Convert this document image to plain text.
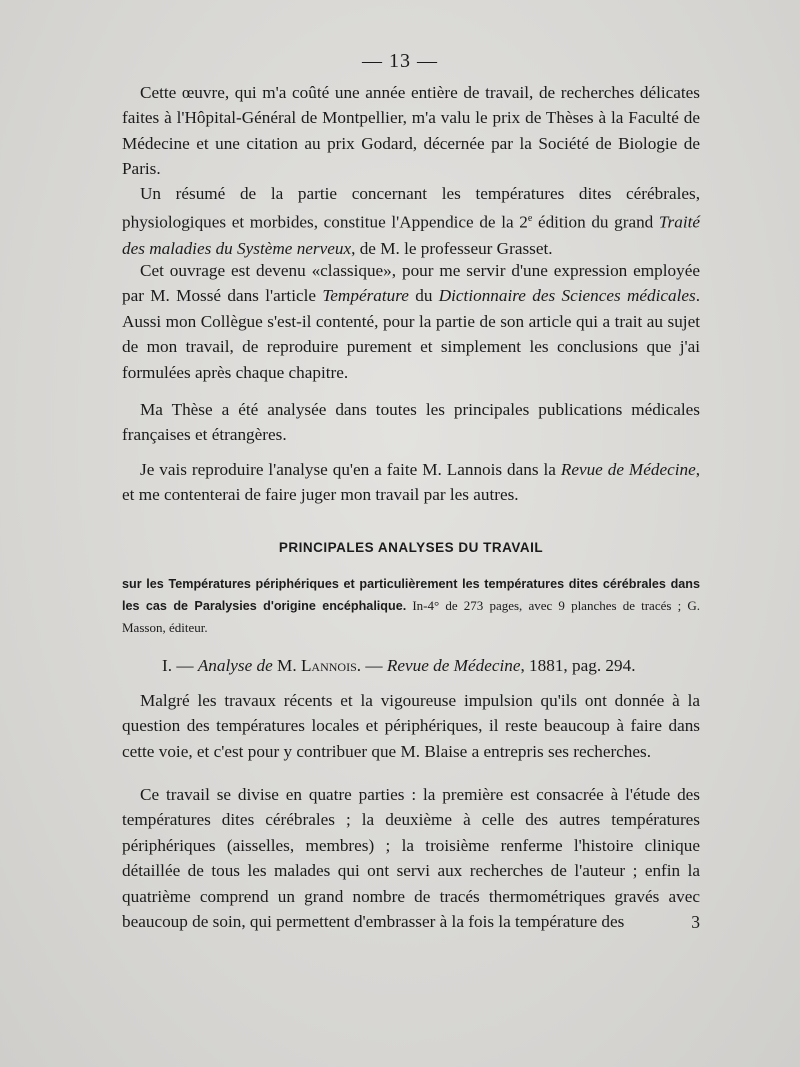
— 13 —

Cette œuvre, qui m'a coûté une année entière de travail, de recherches délicates faites à l'Hôpital-Général de Montpellier, m'a valu le prix de Thèses à la Faculté de Médecine et une citation au prix Godard, décernée par la Société de Biologie de Paris.

Un résumé de la partie concernant les températures dites cérébrales, physiologiques et morbides, constitue l'Appendice de la 2e édition du grand Traité des maladies du Système nerveux, de M. le professeur Grasset.

Cet ouvrage est devenu «classique», pour me servir d'une expression employée par M. Mossé dans l'article Température du Dictionnaire des Sciences médicales. Aussi mon Collègue s'est-il contenté, pour la partie de son article qui a trait au sujet de mon travail, de reproduire purement et simplement les conclusions que j'ai formulées après chaque chapitre.

Ma Thèse a été analysée dans toutes les principales publications médicales françaises et étrangères.

Je vais reproduire l'analyse qu'en a faite M. Lannois dans la Revue de Médecine, et me contenterai de faire juger mon travail par les autres.

PRINCIPALES ANALYSES DU TRAVAIL
sur les Températures périphériques et particulièrement les températures dites cérébrales dans les cas de Paralysies d'origine encéphalique. In-4° de 273 pages, avec 9 planches de tracés ; G. Masson, éditeur.
I. — Analyse de M. Lannois. — Revue de Médecine, 1881, pag. 294.

Malgré les travaux récents et la vigoureuse impulsion qu'ils ont donnée à la question des températures locales et périphériques, il reste beaucoup à faire dans cette voie, et c'est pour y contribuer que M. Blaise a entrepris ses recherches.

Ce travail se divise en quatre parties : la première est consacrée à l'étude des températures dites cérébrales ; la deuxième à celle des autres températures périphériques (aisselles, membres) ; la troisième renferme l'histoire clinique détaillée de tous les malades qui ont servi aux recherches de l'auteur ; enfin la quatrième comprend un grand nombre de tracés thermométriques gravés avec beaucoup de soin, qui permettent d'embrasser à la fois la température des	3
